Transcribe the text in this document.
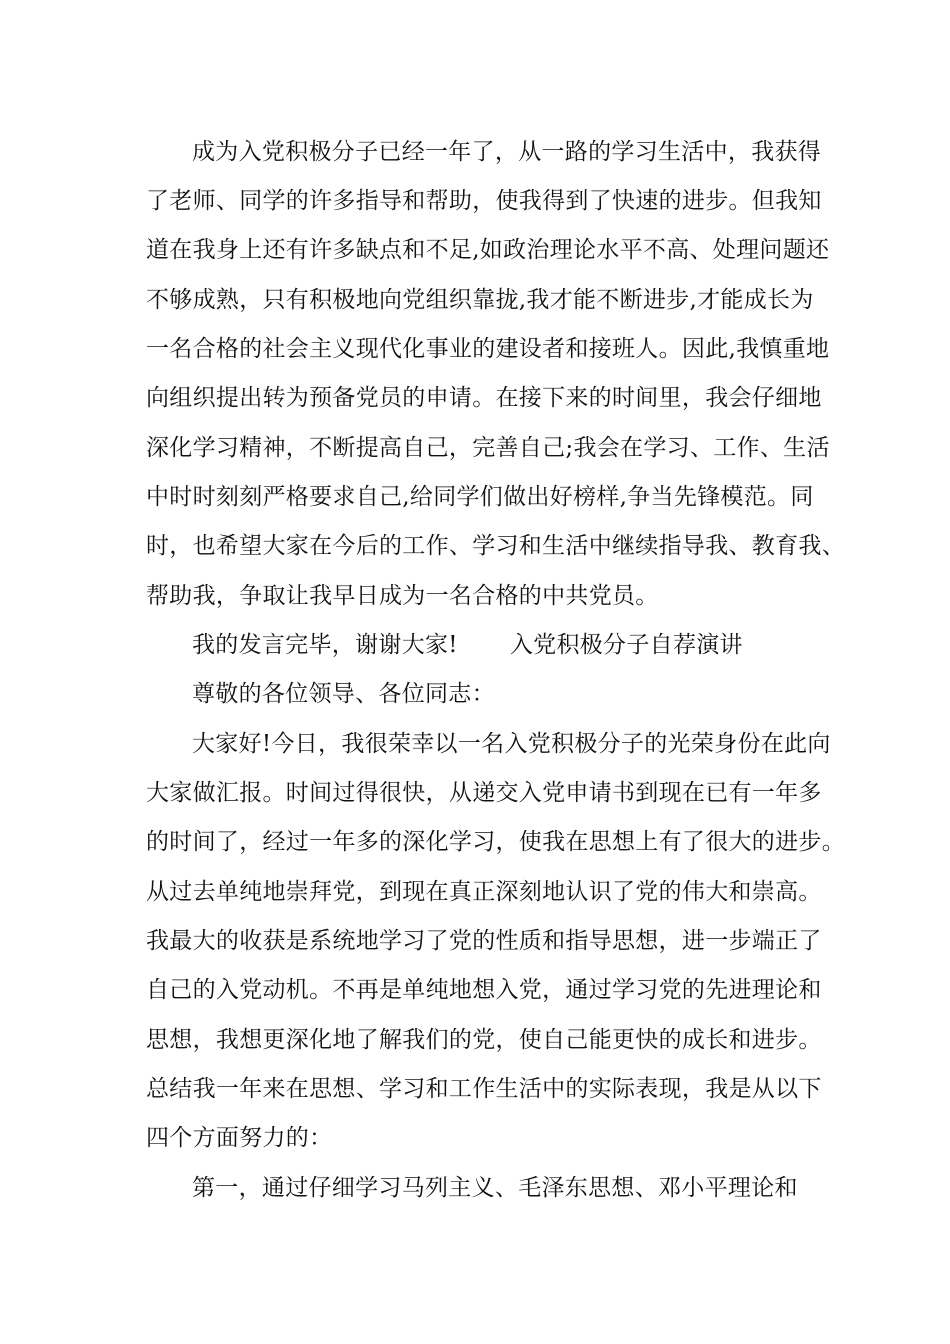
成为入党积极分子已经一年了，从一路的学习生活中，我获得
了老师、同学的许多指导和帮助，使我得到了快速的进步。但我知
道在我身上还有许多缺点和不足,如政治理论水平不高、处理问题还
不够成熟，只有积极地向党组织靠拢,我才能不断进步,才能成长为
一名合格的社会主义现代化事业的建设者和接班人。因此,我慎重地
向组织提出转为预备党员的申请。在接下来的时间里，我会仔细地
深化学习精神，不断提高自己，完善自己;我会在学习、工作、生活
中时时刻刻严格要求自己,给同学们做出好榜样,争当先锋模范。同
时，也希望大家在今后的工作、学习和生活中继续指导我、教育我、
帮助我，争取让我早日成为一名合格的中共党员。
我的发言完毕，谢谢大家! 入党积极分子自荐演讲
尊敬的各位领导、各位同志：
大家好!今日，我很荣幸以一名入党积极分子的光荣身份在此向
大家做汇报。时间过得很快，从递交入党申请书到现在已有一年多
的时间了，经过一年多的深化学习，使我在思想上有了很大的进步。
从过去单纯地崇拜党，到现在真正深刻地认识了党的伟大和崇高。
我最大的收获是系统地学习了党的性质和指导思想，进一步端正了
自己的入党动机。不再是单纯地想入党，通过学习党的先进理论和
思想，我想更深化地了解我们的党，使自己能更快的成长和进步。
总结我一年来在思想、学习和工作生活中的实际表现，我是从以下
四个方面努力的：
第一，通过仔细学习马列主义、毛泽东思想、邓小平理论和
